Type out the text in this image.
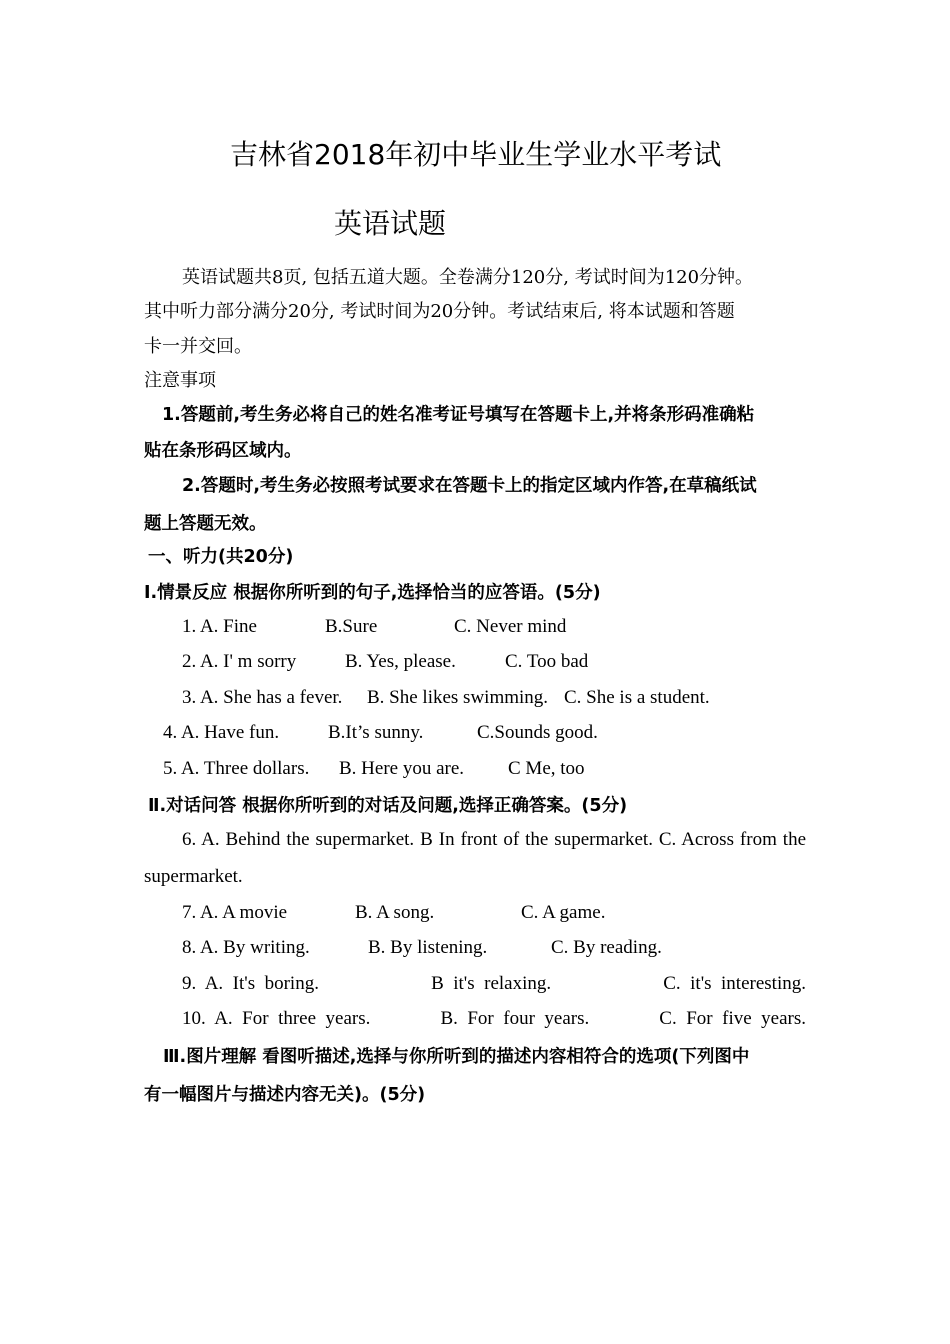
吉林省2018年初中毕业生学业水平考试
英语试题
英语试题共8页, 包括五道大题。全卷满分120分, 考试时间为120分钟。
其中听力部分满分20分, 考试时间为20分钟。考试结束后, 将本试题和答题
卡一并交回。
注意事项
1.答题前,考生务必将自己的姓名准考证号填写在答题卡上,并将条形码准确粘
贴在条形码区域内。
2.答题时,考生务必按照考试要求在答题卡上的指定区域内作答,在草稿纸试
题上答题无效。
一、听力(共20分)
Ⅰ.情景反应 根据你所听到的句子,选择恰当的应答语。(5分)
1. A. Fine	B.Sure	C. Never mind
2. A. I' m sorry	B. Yes, please.	C. Too bad
3. A. She has a fever. B. She likes swimming. C. She is a student.
4. A. Have fun.	B.It’s sunny.	C.Sounds good.
5. A. Three dollars. B. Here you are. C Me, too
Ⅱ.对话问答 根据你所听到的对话及问题,选择正确答案。(5分)
6. A. Behind the supermarket. B In front of the supermarket. C. Across from the
supermarket.
7. A. A movie	B. A song.	C. A game.
8. A. By writing.	B. By listening.	C. By reading.
9.  A.  It's  boring.	B  it's  relaxing.	C.  it's  interesting.
10.  A.  For  three  years.	B.  For  four  years.	C.  For  five  years.
Ⅲ.图片理解 看图听描述,选择与你所听到的描述内容相符合的选项(下列图中
有一幅图片与描述内容无关)。(5分)
